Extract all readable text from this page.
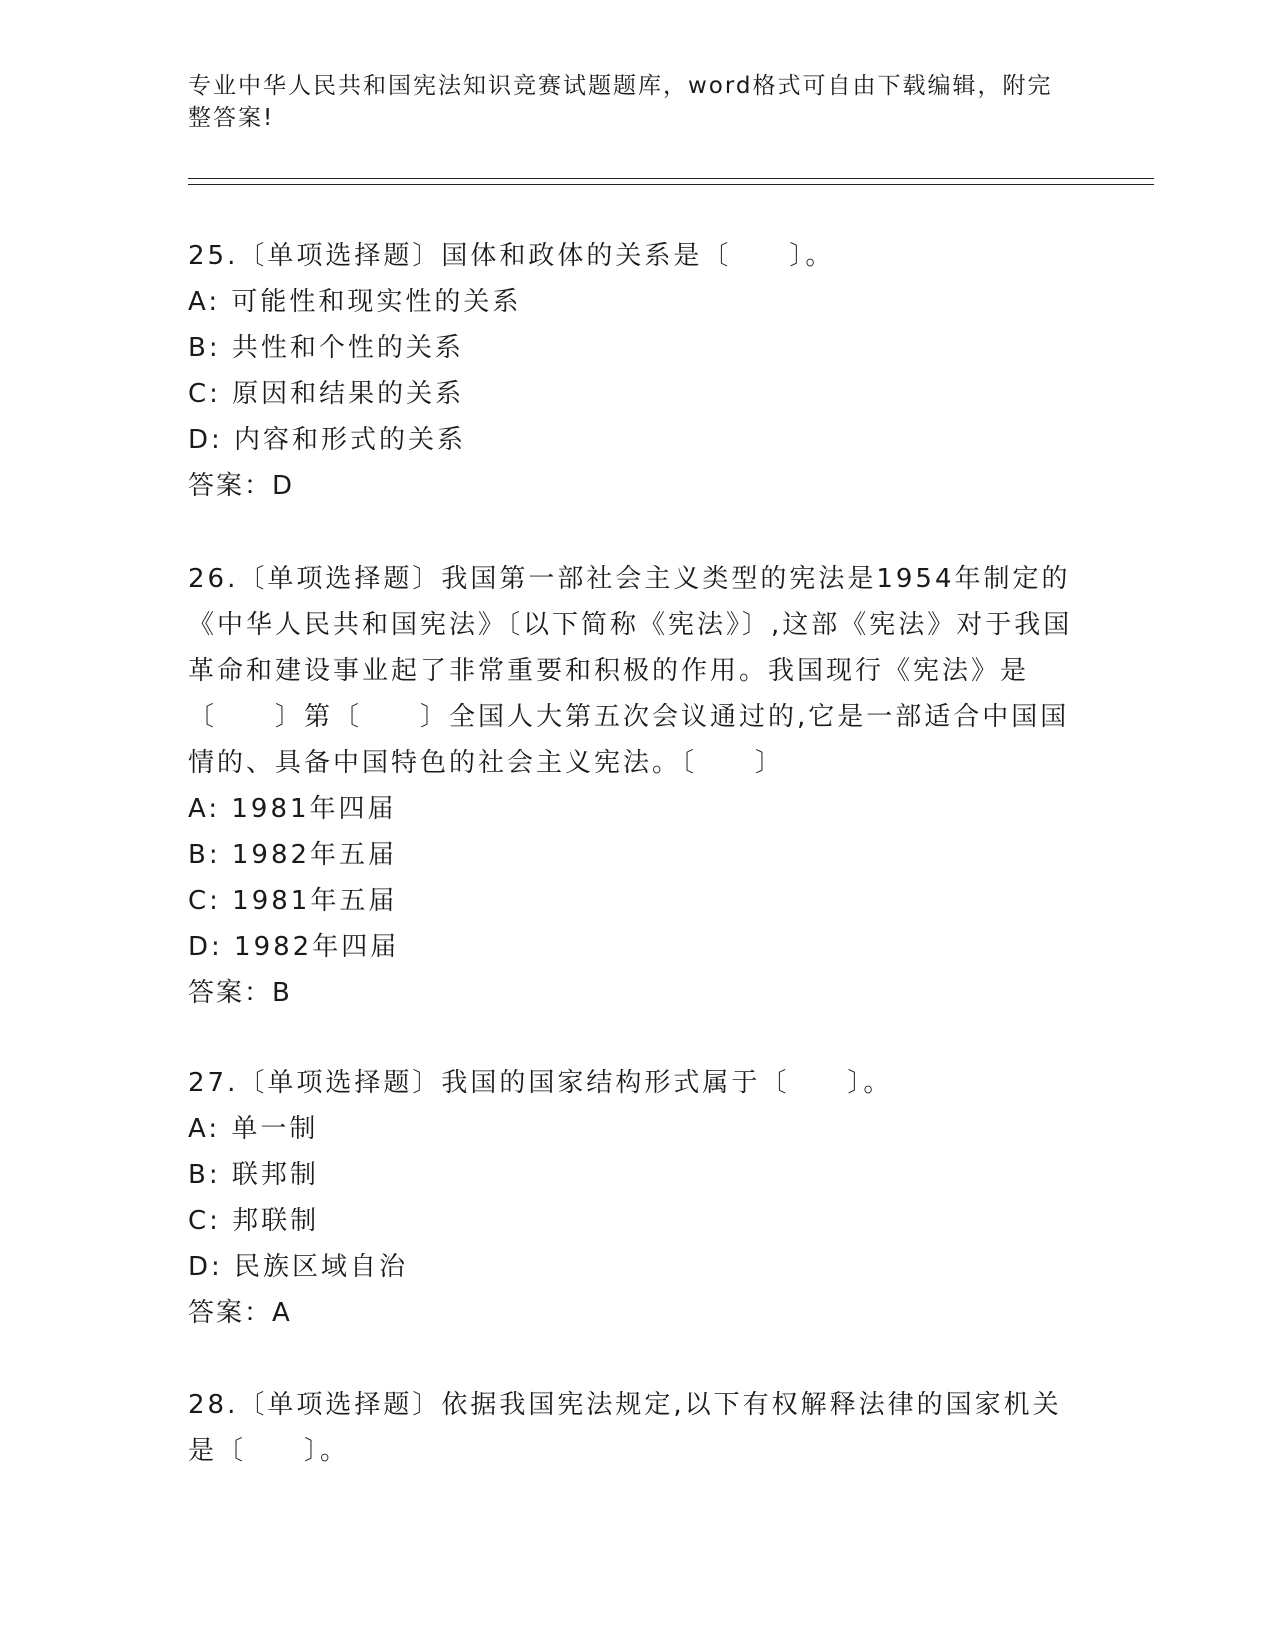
专业中华人民共和国宪法知识竞赛试题题库，word格式可自由下载编辑，附完整答案!

25.〔单项选择题〕国体和政体的关系是〔　　〕。

A: 可能性和现实性的关系

B: 共性和个性的关系

C: 原因和结果的关系

D: 内容和形式的关系

答案：D

26.〔单项选择题〕我国第一部社会主义类型的宪法是1954年制定的《中华人民共和国宪法》〔以下简称《宪法》〕,这部《宪法》对于我国革命和建设事业起了非常重要和积极的作用。我国现行《宪法》是〔　　〕第〔　　〕全国人大第五次会议通过的,它是一部适合中国国情的、具备中国特色的社会主义宪法。〔　　〕

A: 1981年四届

B: 1982年五届

C: 1981年五届

D: 1982年四届

答案：B

27.〔单项选择题〕我国的国家结构形式属于〔　　〕。

A: 单一制

B: 联邦制

C: 邦联制

D: 民族区域自治

答案：A

28.〔单项选择题〕依据我国宪法规定,以下有权解释法律的国家机关是〔　　〕。
